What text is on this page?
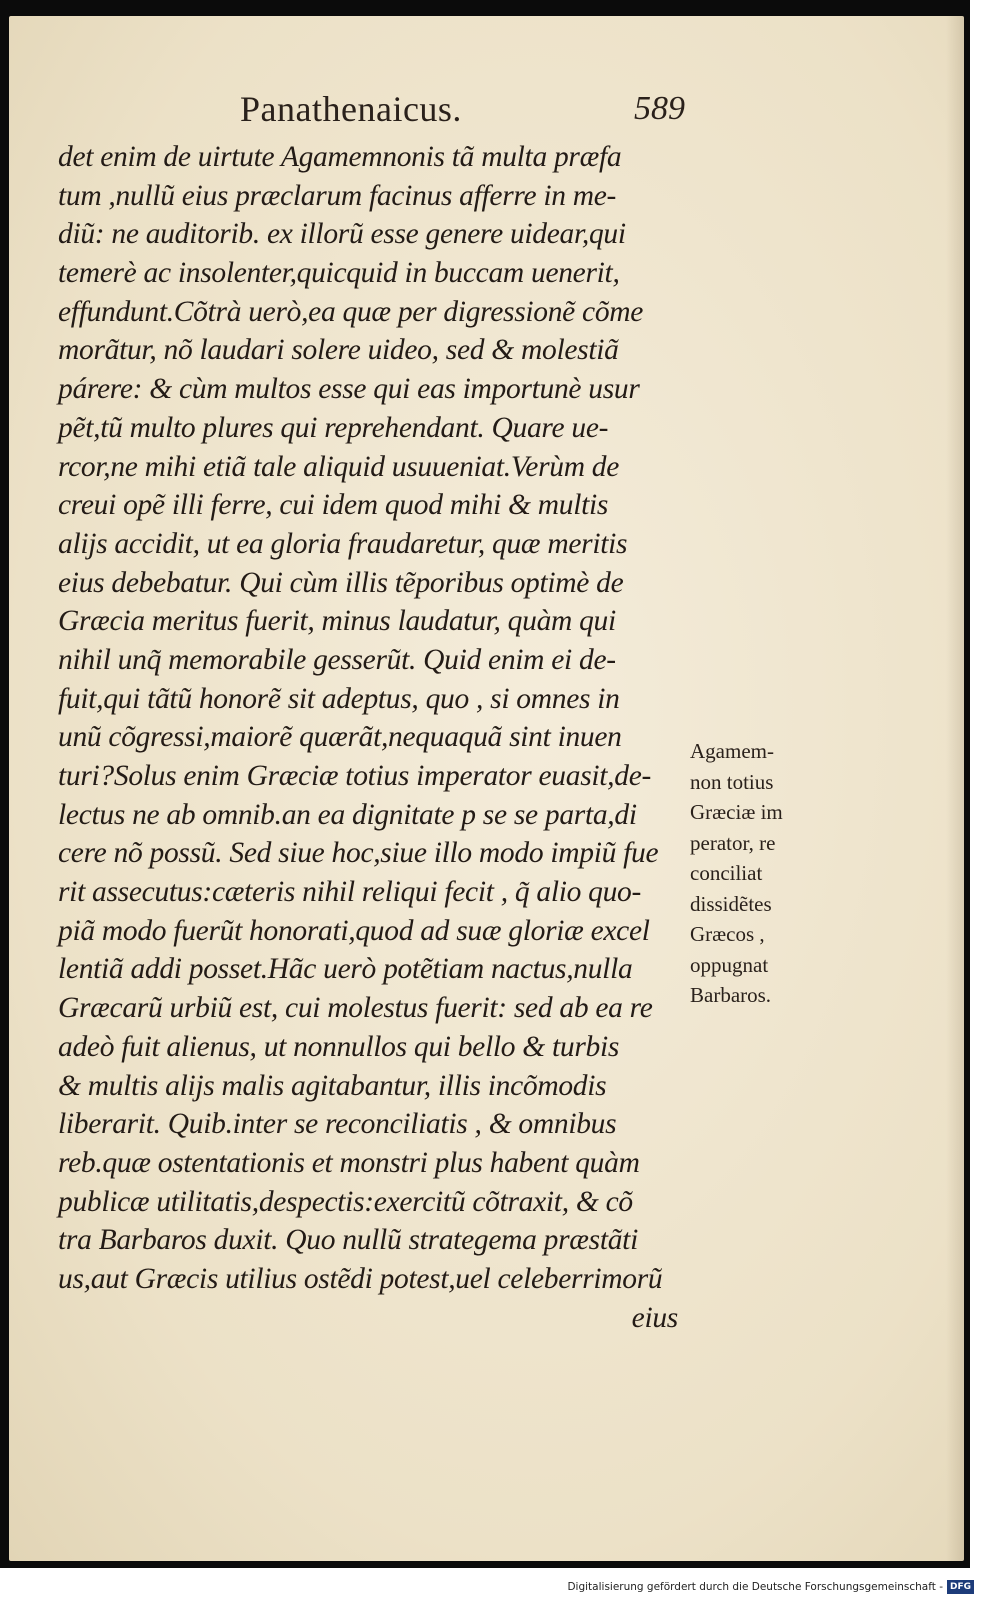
Panathenaicus.	589
det enim de uirtute Agamemnonis tã multa præfa
tum ,nullũ eius præclarum facinus afferre in me-
diũ: ne auditorib. ex illorũ esse genere uidear,qui
temerè ac insolenter,quicquid in buccam uenerit,
effundunt.Cõtrà uerò,ea quæ per digressionẽ cõme
morãtur, nõ laudari solere uideo, sed & molestiã
párere: & cùm multos esse qui eas importunè usur
pẽt,tũ multo plures qui reprehendant. Quare ue-
rcor,ne mihi etiã tale aliquid usuueniat.Verùm de
creui opẽ illi ferre, cui idem quod mihi & multis
alijs accidit, ut ea gloria fraudaretur, quæ meritis
eius debebatur. Qui cùm illis tẽporibus optimè de
Græcia meritus fuerit, minus laudatur, quàm qui
nihil unq̃ memorabile gesserũt. Quid enim ei de-
fuit,qui tãtũ honorẽ sit adeptus, quo , si omnes in
unũ cõgressi,maiorẽ quærãt,nequaquã sint inuen
turi?Solus enim Græciæ totius imperator euasit,de-
lectus ne ab omnib.an ea dignitate p se se parta,di
cere nõ possũ. Sed siue hoc,siue illo modo impiũ fue
rit assecutus:cæteris nihil reliqui fecit , q̃ alio quo-
piã modo fuerũt honorati,quod ad suæ gloriæ excel
lentiã addi posset.Hãc uerò potẽtiam nactus,nulla
Græcarũ urbiũ est, cui molestus fuerit: sed ab ea re
adeò fuit alienus, ut nonnullos qui bello & turbis
& multis alijs malis agitabantur, illis incõmodis
liberarit. Quib.inter se reconciliatis , & omnibus
reb.quæ ostentationis et monstri plus habent quàm
publicæ utilitatis,despectis:exercitũ cõtraxit, & cõ
tra Barbaros duxit. Quo nullũ strategema præstãti
us,aut Græcis utilius ostẽdi potest,uel celeberrimorũ
eius
Agamem-
non totius
Græciæ im
perator, re
conciliat
dissidẽtes
Græcos ,
oppugnat
Barbaros.
Digitalisierung gefördert durch die Deutsche Forschungsgemeinschaft - DFG
